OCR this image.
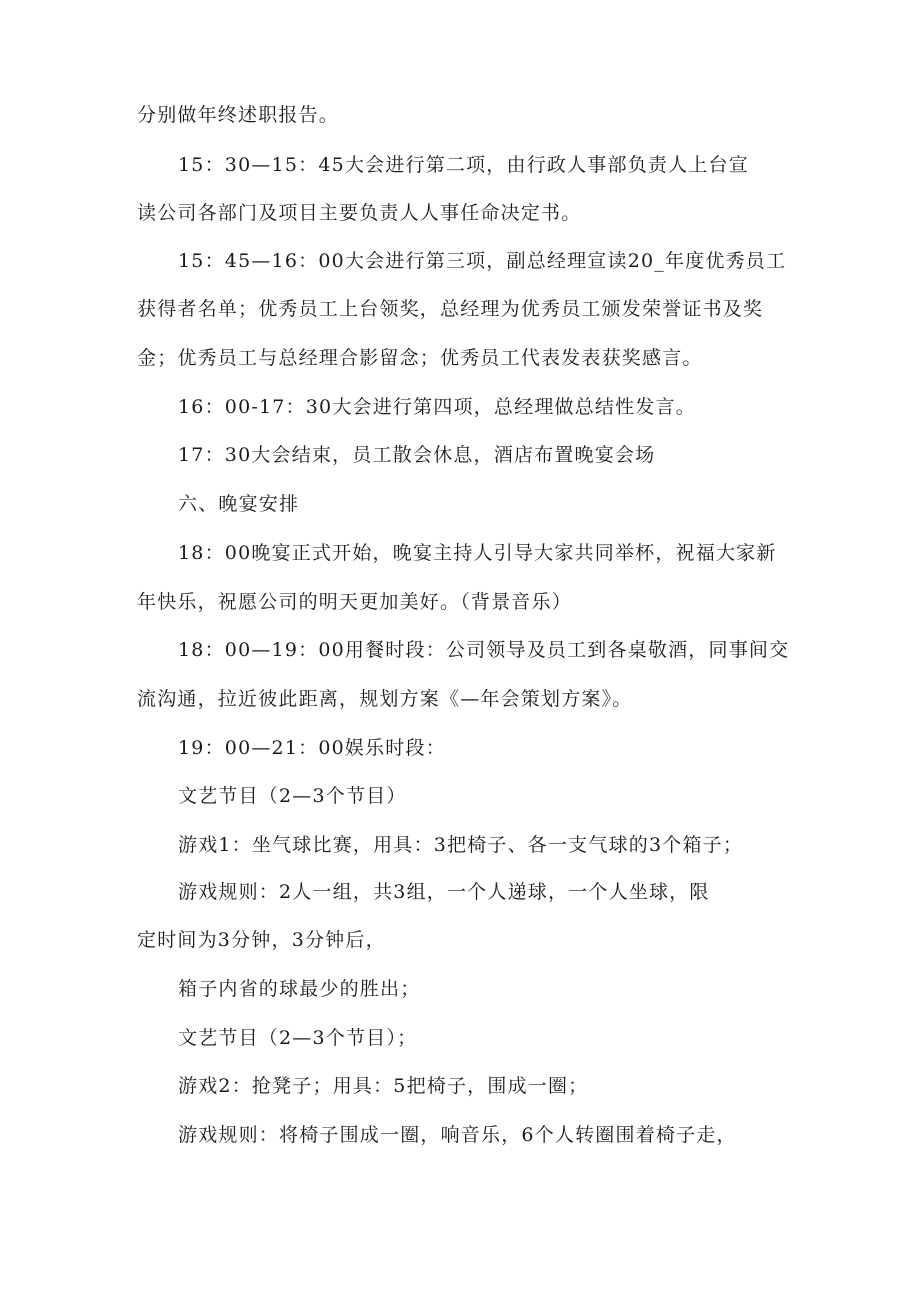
分别做年终述职报告。

15：30—15：45大会进行第二项，由行政人事部负责人上台宣

读公司各部门及项目主要负责人人事任命决定书。

15：45—16：00大会进行第三项，副总经理宣读20_年度优秀员工

获得者名单；优秀员工上台领奖，总经理为优秀员工颁发荣誉证书及奖

金；优秀员工与总经理合影留念；优秀员工代表发表获奖感言。

16：00-17：30大会进行第四项，总经理做总结性发言。

17：30大会结束，员工散会休息，酒店布置晚宴会场

六、晚宴安排

18：00晚宴正式开始，晚宴主持人引导大家共同举杯，祝福大家新

年快乐，祝愿公司的明天更加美好。（背景音乐）

18：00—19：00用餐时段：公司领导及员工到各桌敬酒，同事间交

流沟通，拉近彼此距离，规划方案《—年会策划方案》。

19：00—21：00娱乐时段：

文艺节目（2—3个节目）

游戏1：坐气球比赛，用具：3把椅子、各一支气球的3个箱子；

游戏规则：2人一组，共3组，一个人递球，一个人坐球，限

定时间为3分钟，3分钟后，

箱子内省的球最少的胜出；

文艺节目（2—3个节目）；

游戏2：抢凳子；用具：5把椅子，围成一圈；

游戏规则：将椅子围成一圈，响音乐，6个人转圈围着椅子走，
